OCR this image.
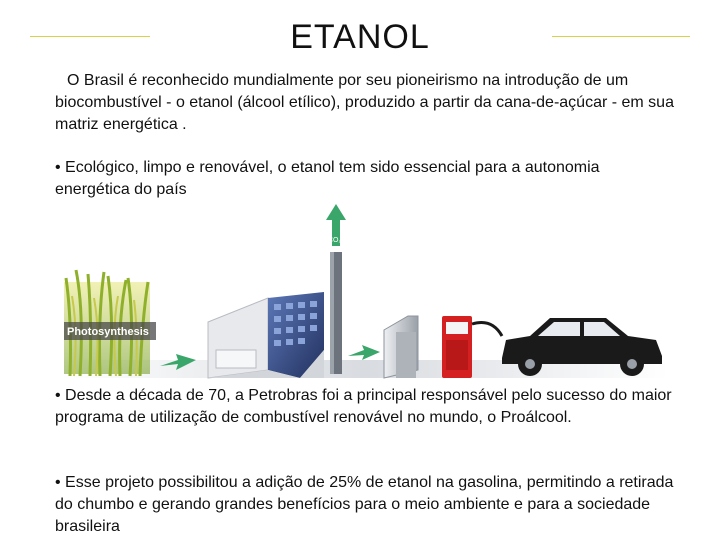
ETANOL
O Brasil é reconhecido mundialmente por seu pioneirismo na introdução de um biocombustível - o etanol (álcool etílico), produzido a partir da cana-de-açúcar - em sua matriz energética .
• Ecológico, limpo e renovável, o etanol tem sido essencial para a autonomia energética do país
Photosynthesis
CO₂
• Desde a década de 70, a Petrobras foi a principal responsável pelo sucesso do maior programa de utilização de combustível renovável no mundo, o Proálcool.
• Esse projeto possibilitou a adição de 25% de etanol na gasolina, permitindo a retirada do chumbo e gerando grandes benefícios para o meio ambiente e para a sociedade brasileira
